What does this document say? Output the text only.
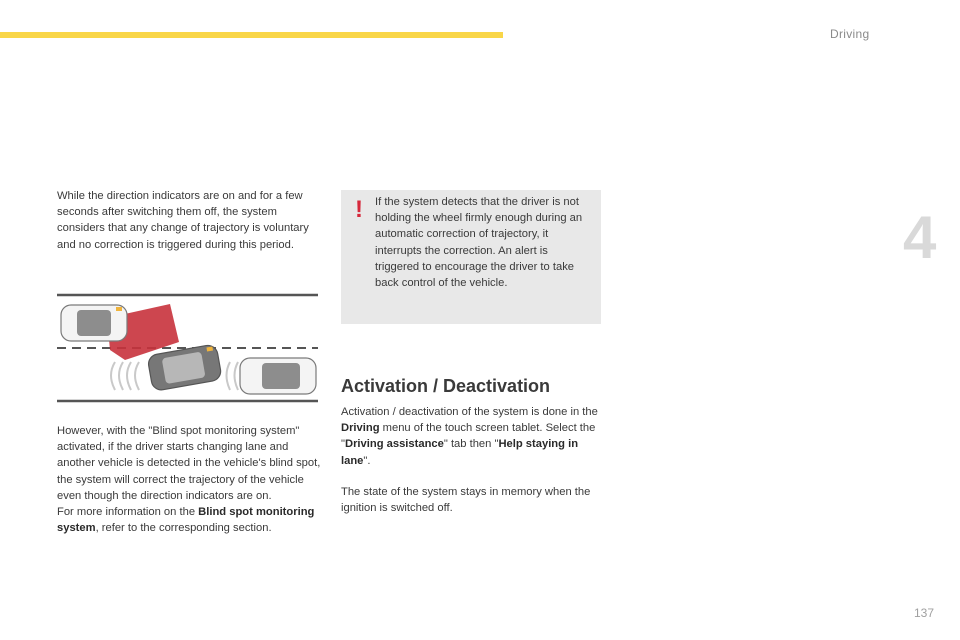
Driving
4

While the direction indicators are on and for a few seconds after switching them off, the system considers that any change of trajectory is voluntary and no correction is triggered during this period.

However, with the "Blind spot monitoring system" activated, if the driver starts changing lane and another vehicle is detected in the vehicle's blind spot, the system will correct the trajectory of the vehicle even though the direction indicators are on.
For more information on the Blind spot monitoring system, refer to the corresponding section.

! If the system detects that the driver is not holding the wheel firmly enough during an automatic correction of trajectory, it interrupts the correction. An alert is triggered to encourage the driver to take back control of the vehicle.

Activation / Deactivation

Activation / deactivation of the system is done in the Driving menu of the touch screen tablet. Select the "Driving assistance" tab then "Help staying in lane".

The state of the system stays in memory when the ignition is switched off.

137
